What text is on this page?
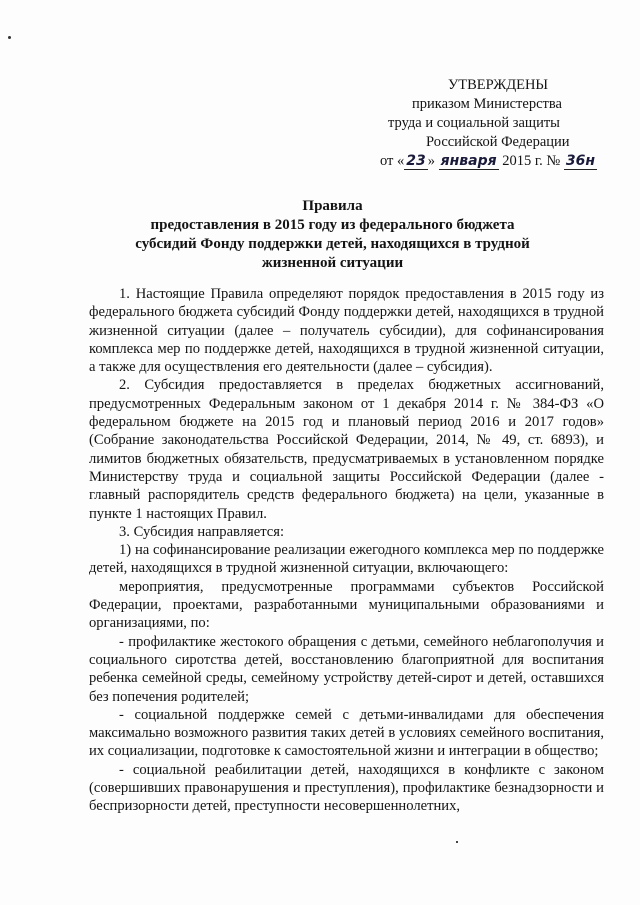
УТВЕРЖДЕНЫ
приказом Министерства
труда и социальной защиты
Российской Федерации
от « 23 » января 2015 г. № 36н
Правила
предоставления в 2015 году из федерального бюджета
субсидий Фонду поддержки детей, находящихся в трудной
жизненной ситуации

1. Настоящие Правила определяют порядок предоставления в 2015 году из федерального бюджета субсидий Фонду поддержки детей, находящихся в трудной жизненной ситуации (далее – получатель субсидии), для софинансирования комплекса мер по поддержке детей, находящихся в трудной жизненной ситуации, а также для осуществления его деятельности (далее – субсидия).

2. Субсидия предоставляется в пределах бюджетных ассигнований, предусмотренных Федеральным законом от 1 декабря 2014 г. № 384-ФЗ «О федеральном бюджете на 2015 год и плановый период 2016 и 2017 годов» (Собрание законодательства Российской Федерации, 2014, № 49, ст. 6893), и лимитов бюджетных обязательств, предусматриваемых в установленном порядке Министерству труда и социальной защиты Российской Федерации (далее - главный распорядитель средств федерального бюджета) на цели, указанные в пункте 1 настоящих Правил.

3. Субсидия направляется:

1) на софинансирование реализации ежегодного комплекса мер по поддержке детей, находящихся в трудной жизненной ситуации, включающего:

мероприятия, предусмотренные программами субъектов Российской Федерации, проектами, разработанными муниципальными образованиями и организациями, по:

- профилактике жестокого обращения с детьми, семейного неблагополучия и социального сиротства детей, восстановлению благоприятной для воспитания ребенка семейной среды, семейному устройству детей-сирот и детей, оставшихся без попечения родителей;

- социальной поддержке семей с детьми-инвалидами для обеспечения максимально возможного развития таких детей в условиях семейного воспитания, их социализации, подготовке к самостоятельной жизни и интеграции в общество;

- социальной реабилитации детей, находящихся в конфликте с законом (совершивших правонарушения и преступления), профилактике безнадзорности и беспризорности детей, преступности несовершеннолетних,
